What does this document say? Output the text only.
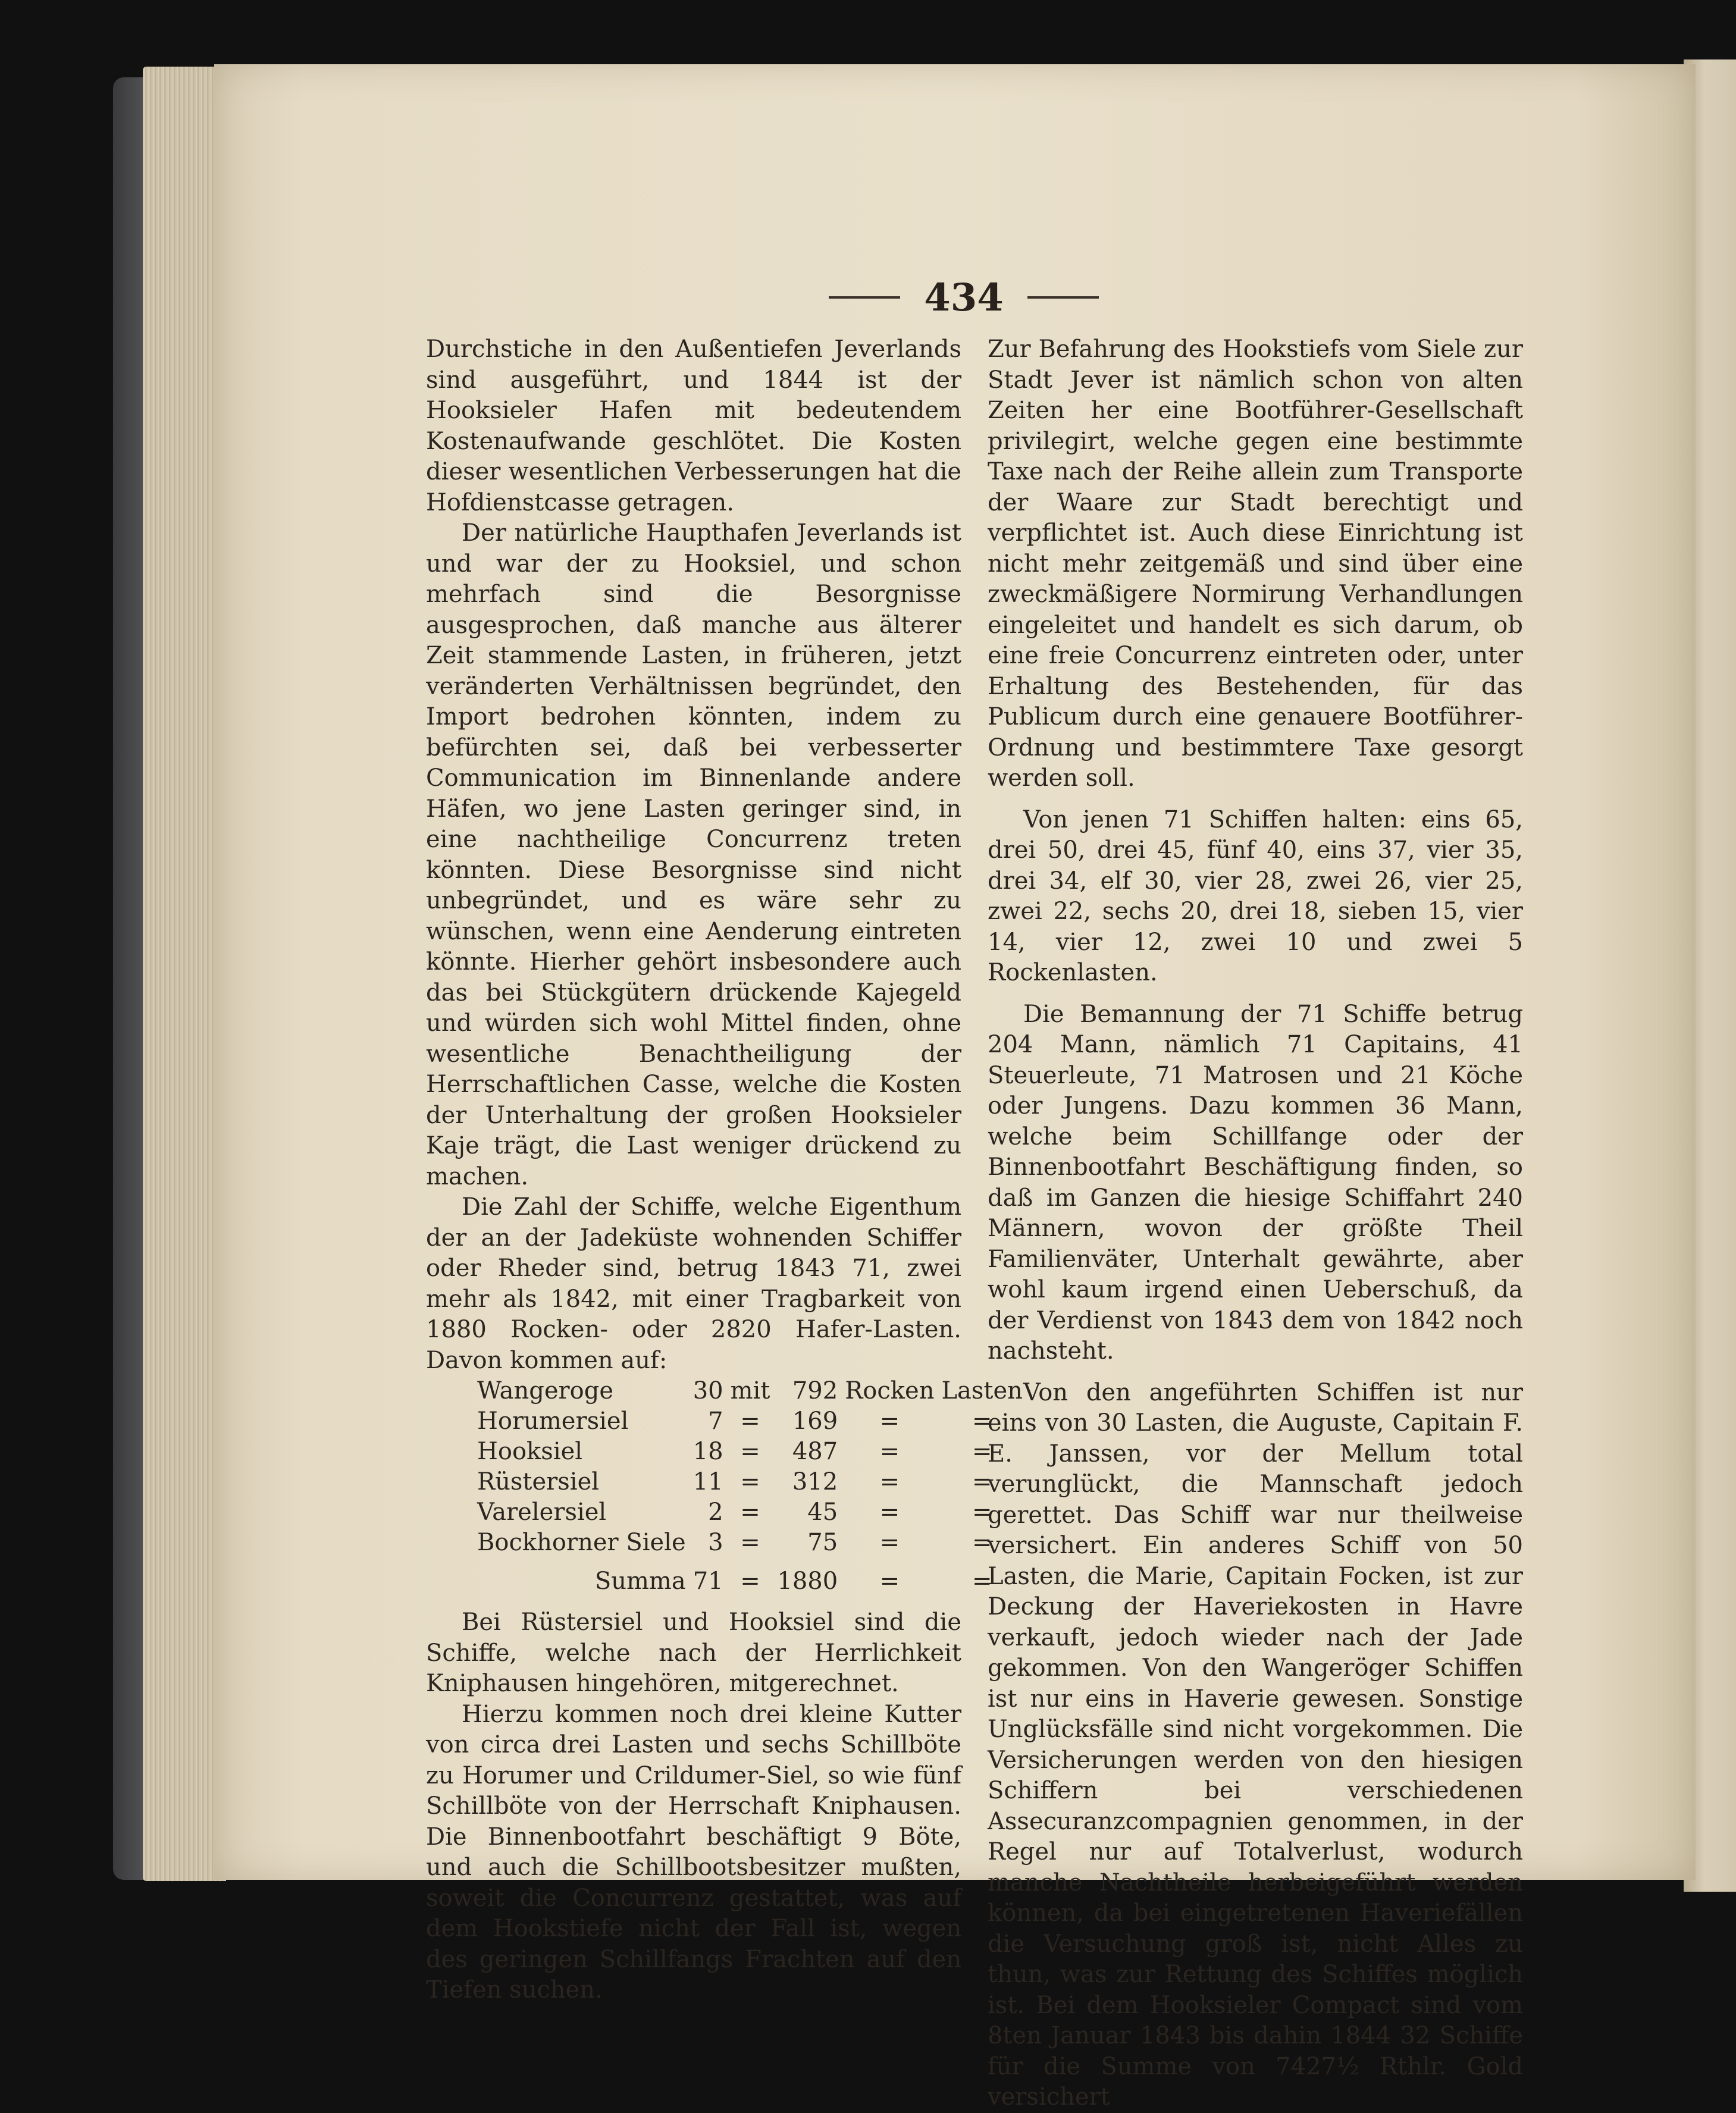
434

Durchstiche in den Außentiefen Jeverlands sind ausgeführt, und 1844 ist der Hooksieler Hafen mit bedeutendem Kostenaufwande geschlötet. Die Kosten dieser wesentlichen Verbesserungen hat die Hofdienstcasse getragen.

Der natürliche Haupthafen Jeverlands ist und war der zu Hooksiel, und schon mehrfach sind die Besorgnisse ausgesprochen, daß manche aus älterer Zeit stammende Lasten, in früheren, jetzt veränderten Verhältnissen begründet, den Import bedrohen könnten, indem zu befürchten sei, daß bei verbesserter Communication im Binnenlande andere Häfen, wo jene Lasten geringer sind, in eine nachtheilige Concurrenz treten könnten. Diese Besorgnisse sind nicht unbegründet, und es wäre sehr zu wünschen, wenn eine Aenderung eintreten könnte. Hierher gehört insbesondere auch das bei Stückgütern drückende Kajegeld und würden sich wohl Mittel finden, ohne wesentliche Benachtheiligung der Herrschaftlichen Casse, welche die Kosten der Unterhaltung der großen Hooksieler Kaje trägt, die Last weniger drückend zu machen.

Die Zahl der Schiffe, welche Eigenthum der an der Jadeküste wohnenden Schiffer oder Rheder sind, betrug 1843 71, zwei mehr als 1842, mit einer Tragbarkeit von 1880 Rocken- oder 2820 Hafer-Lasten. Davon kommen auf:

Wangeroge	30	mit	792	Rocken	Lasten
Horumersiel	7	=	169	=	=
Hooksiel	18	=	487	=	=
Rüstersiel	11	=	312	=	=
Varelersiel	2	=	45	=	=
Bockhorner Siele	3	=	75	=	=
Summa	71	=	1880	=	=

Bei Rüstersiel und Hooksiel sind die Schiffe, welche nach der Herrlichkeit Kniphausen hingehören, mitgerechnet.

Hierzu kommen noch drei kleine Kutter von circa drei Lasten und sechs Schillböte zu Horumer und Crildumer-Siel, so wie fünf Schillböte von der Herrschaft Kniphausen. Die Binnenbootfahrt beschäftigt 9 Böte, und auch die Schillbootsbesitzer mußten, soweit die Concurrenz gestattet, was auf dem Hookstiefe nicht der Fall ist, wegen des geringen Schillfangs Frachten auf den Tiefen suchen.

Zur Befahrung des Hookstiefs vom Siele zur Stadt Jever ist nämlich schon von alten Zeiten her eine Bootführer-Gesellschaft privilegirt, welche gegen eine bestimmte Taxe nach der Reihe allein zum Transporte der Waare zur Stadt berechtigt und verpflichtet ist. Auch diese Einrichtung ist nicht mehr zeitgemäß und sind über eine zweckmäßigere Normirung Verhandlungen eingeleitet und handelt es sich darum, ob eine freie Concurrenz eintreten oder, unter Erhaltung des Bestehenden, für das Publicum durch eine genauere Bootführer-Ordnung und bestimmtere Taxe gesorgt werden soll.

Von jenen 71 Schiffen halten: eins 65, drei 50, drei 45, fünf 40, eins 37, vier 35, drei 34, elf 30, vier 28, zwei 26, vier 25, zwei 22, sechs 20, drei 18, sieben 15, vier 14, vier 12, zwei 10 und zwei 5 Rockenlasten.

Die Bemannung der 71 Schiffe betrug 204 Mann, nämlich 71 Capitains, 41 Steuerleute, 71 Matrosen und 21 Köche oder Jungens. Dazu kommen 36 Mann, welche beim Schillfange oder der Binnenbootfahrt Beschäftigung finden, so daß im Ganzen die hiesige Schiffahrt 240 Männern, wovon der größte Theil Familienväter, Unterhalt gewährte, aber wohl kaum irgend einen Ueberschuß, da der Verdienst von 1843 dem von 1842 noch nachsteht.

Von den angeführten Schiffen ist nur eins von 30 Lasten, die Auguste, Capitain F. E. Janssen, vor der Mellum total verunglückt, die Mannschaft jedoch gerettet. Das Schiff war nur theilweise versichert. Ein anderes Schiff von 50 Lasten, die Marie, Capitain Focken, ist zur Deckung der Haveriekosten in Havre verkauft, jedoch wieder nach der Jade gekommen. Von den Wangeröger Schiffen ist nur eins in Haverie gewesen. Sonstige Unglücksfälle sind nicht vorgekommen. Die Versicherungen werden von den hiesigen Schiffern bei verschiedenen Assecuranzcompagnien genommen, in der Regel nur auf Totalverlust, wodurch manche Nachtheile herbeigeführt werden können, da bei eingetretenen Haveriefällen die Versuchung groß ist, nicht Alles zu thun, was zur Rettung des Schiffes möglich ist. Bei dem Hooksieler Compact sind vom 8ten Januar 1843 bis dahin 1844 32 Schiffe für die Summe von 7427½ Rthlr. Gold versichert
